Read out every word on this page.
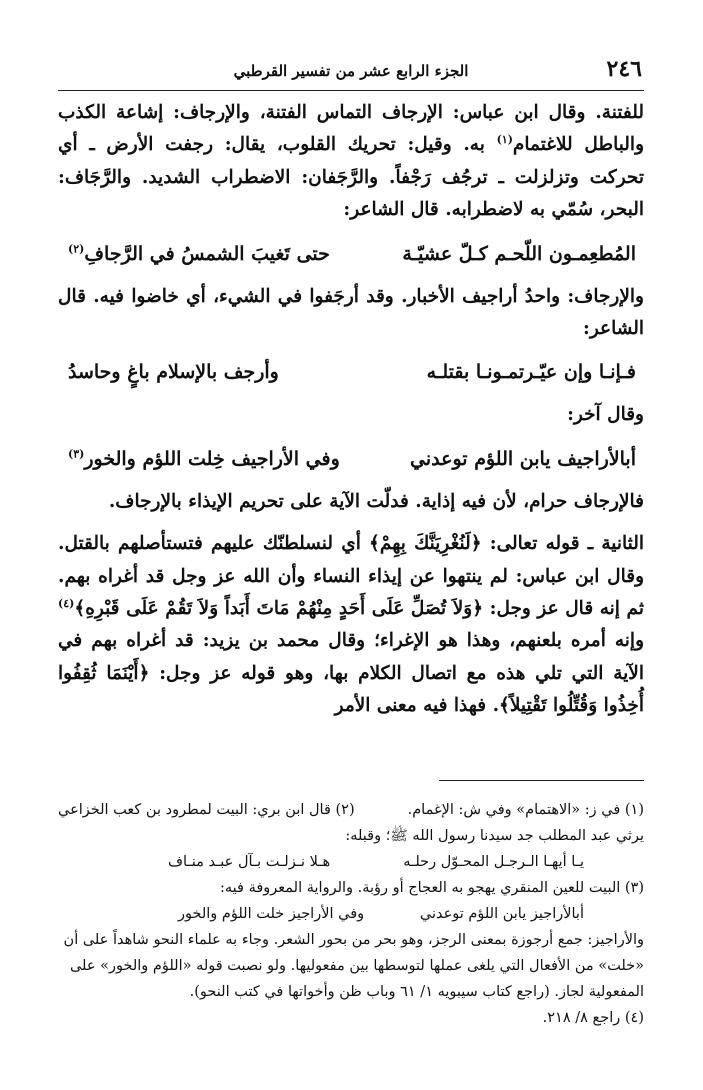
٢٤٦
الجزء الرابع عشر من تفسير القرطبي

للفتنة. وقال ابن عباس: الإرجاف التماس الفتنة، والإرجاف: إشاعة الكذب والباطل للاغتمام$^{(١)}$ به. وقيل: تحريك القلوب، يقال: رجفت الأرض ـ أي تحركت وتزلزلت ـ ترجُف رَجْفاً. والرَّجَفان: الاضطراب الشديد. والرَّجَاف: البحر، سُمّي به لاضطرابه. قال الشاعر:

المُطعِمـون اللّحـم كـلّ عشيّـة
حتى تَغيبَ الشمسُ في الرَّجافِ$^{(٢)}$

والإرجاف: واحدُ أراجيف الأخبار. وقد أرجَفوا في الشيء، أي خاضوا فيه. قال الشاعر:

فـإنـا وإن عيّـرتمـونـا بقتلـه
وأرجف بالإسلام باغٍ وحاسدُ

وقال آخر:

أبالأراجيف يابن اللؤم توعدني
وفي الأراجيف خِلت اللؤم والخور$^{(٣)}$

فالإرجاف حرام، لأن فيه إذاية. فدلّت الآية على تحريم الإيذاء بالإرجاف.

الثانية ـ قوله تعالى: ﴿لَنُغْرِيَنَّكَ بِهِمْ﴾ أي لنسلطنّك عليهم فتستأصلهم بالقتل. وقال ابن عباس: لم ينتهوا عن إيذاء النساء وأن الله عز وجل قد أغراه بهم. ثم إنه قال عز وجل: ﴿وَلاَ تُصَلِّ عَلَى أَحَدٍ مِنْهُمْ مَاتَ أَبَداً وَلاَ تَقُمْ عَلَى قَبْرِهِ﴾$^{(٤)}$ وإنه أمره بلعنهم، وهذا هو الإغراء؛ وقال محمد بن يزيد: قد أغراه بهم في الآية التي تلي هذه مع اتصال الكلام بها، وهو قوله عز وجل: ﴿أَيْنَمَا ثُقِفُوا أُخِذُوا وَقُتِّلُوا تَقْتِيلاً﴾. فهذا فيه معنى الأمر

(١) في ز: «الاهتمام» وفي ش: الإغمام.
(٢) قال ابن بري: البيت لمطرود بن كعب الخزاعي

يرثي عبد المطلب جد سيدنا رسول الله ﷺ؛ وقبله:

يـا أيهـا الـرجـل المحـوّل رحلـه
هـلا نـزلـت بـآل عبـد منـاف

(٣) البيت للعين المنقري يهجو به العجاج أو رؤبة. والرواية المعروفة فيه:

أبالأراجيز يابن اللؤم توعدني
وفي الأراجيز خلت اللؤم والخور

والأراجيز: جمع أرجوزة بمعنى الرجز، وهو بحر من بحور الشعر. وجاء به علماء النحو شاهداً على أن

«خلت» من الأفعال التي يلغى عملها لتوسطها بين مفعوليها. ولو نصبت قوله «اللؤم والخور» على

المفعولية لجاز. (راجع كتاب سيبويه ١/ ٦١ وباب ظن وأخواتها في كتب النحو).

(٤) راجع ٨/ ٢١٨.
